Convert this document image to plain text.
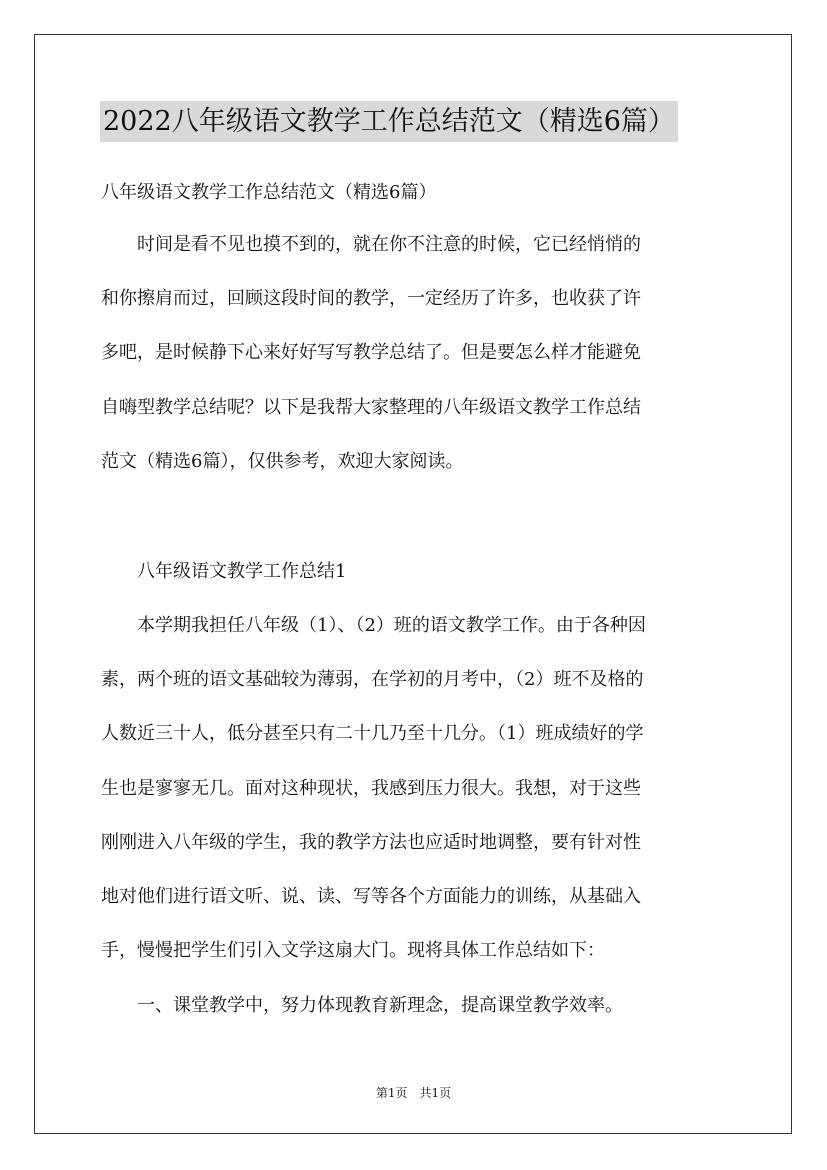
2022八年级语文教学工作总结范文（精选6篇）
八年级语文教学工作总结范文（精选6篇）
　　时间是看不见也摸不到的，就在你不注意的时候，它已经悄悄的
和你擦肩而过，回顾这段时间的教学，一定经历了许多，也收获了许
多吧，是时候静下心来好好写写教学总结了。但是要怎么样才能避免
自嗨型教学总结呢？以下是我帮大家整理的八年级语文教学工作总结
范文（精选6篇），仅供参考，欢迎大家阅读。
　　八年级语文教学工作总结1
　　本学期我担任八年级（1）、（2）班的语文教学工作。由于各种因
素，两个班的语文基础较为薄弱，在学初的月考中，（2）班不及格的
人数近三十人，低分甚至只有二十几乃至十几分。（1）班成绩好的学
生也是寥寥无几。面对这种现状，我感到压力很大。我想，对于这些
刚刚进入八年级的学生，我的教学方法也应适时地调整，要有针对性
地对他们进行语文听、说、读、写等各个方面能力的训练，从基础入
手，慢慢把学生们引入文学这扇大门。现将具体工作总结如下：
　　一、课堂教学中，努力体现教育新理念，提高课堂教学效率。
第1页　共1页
